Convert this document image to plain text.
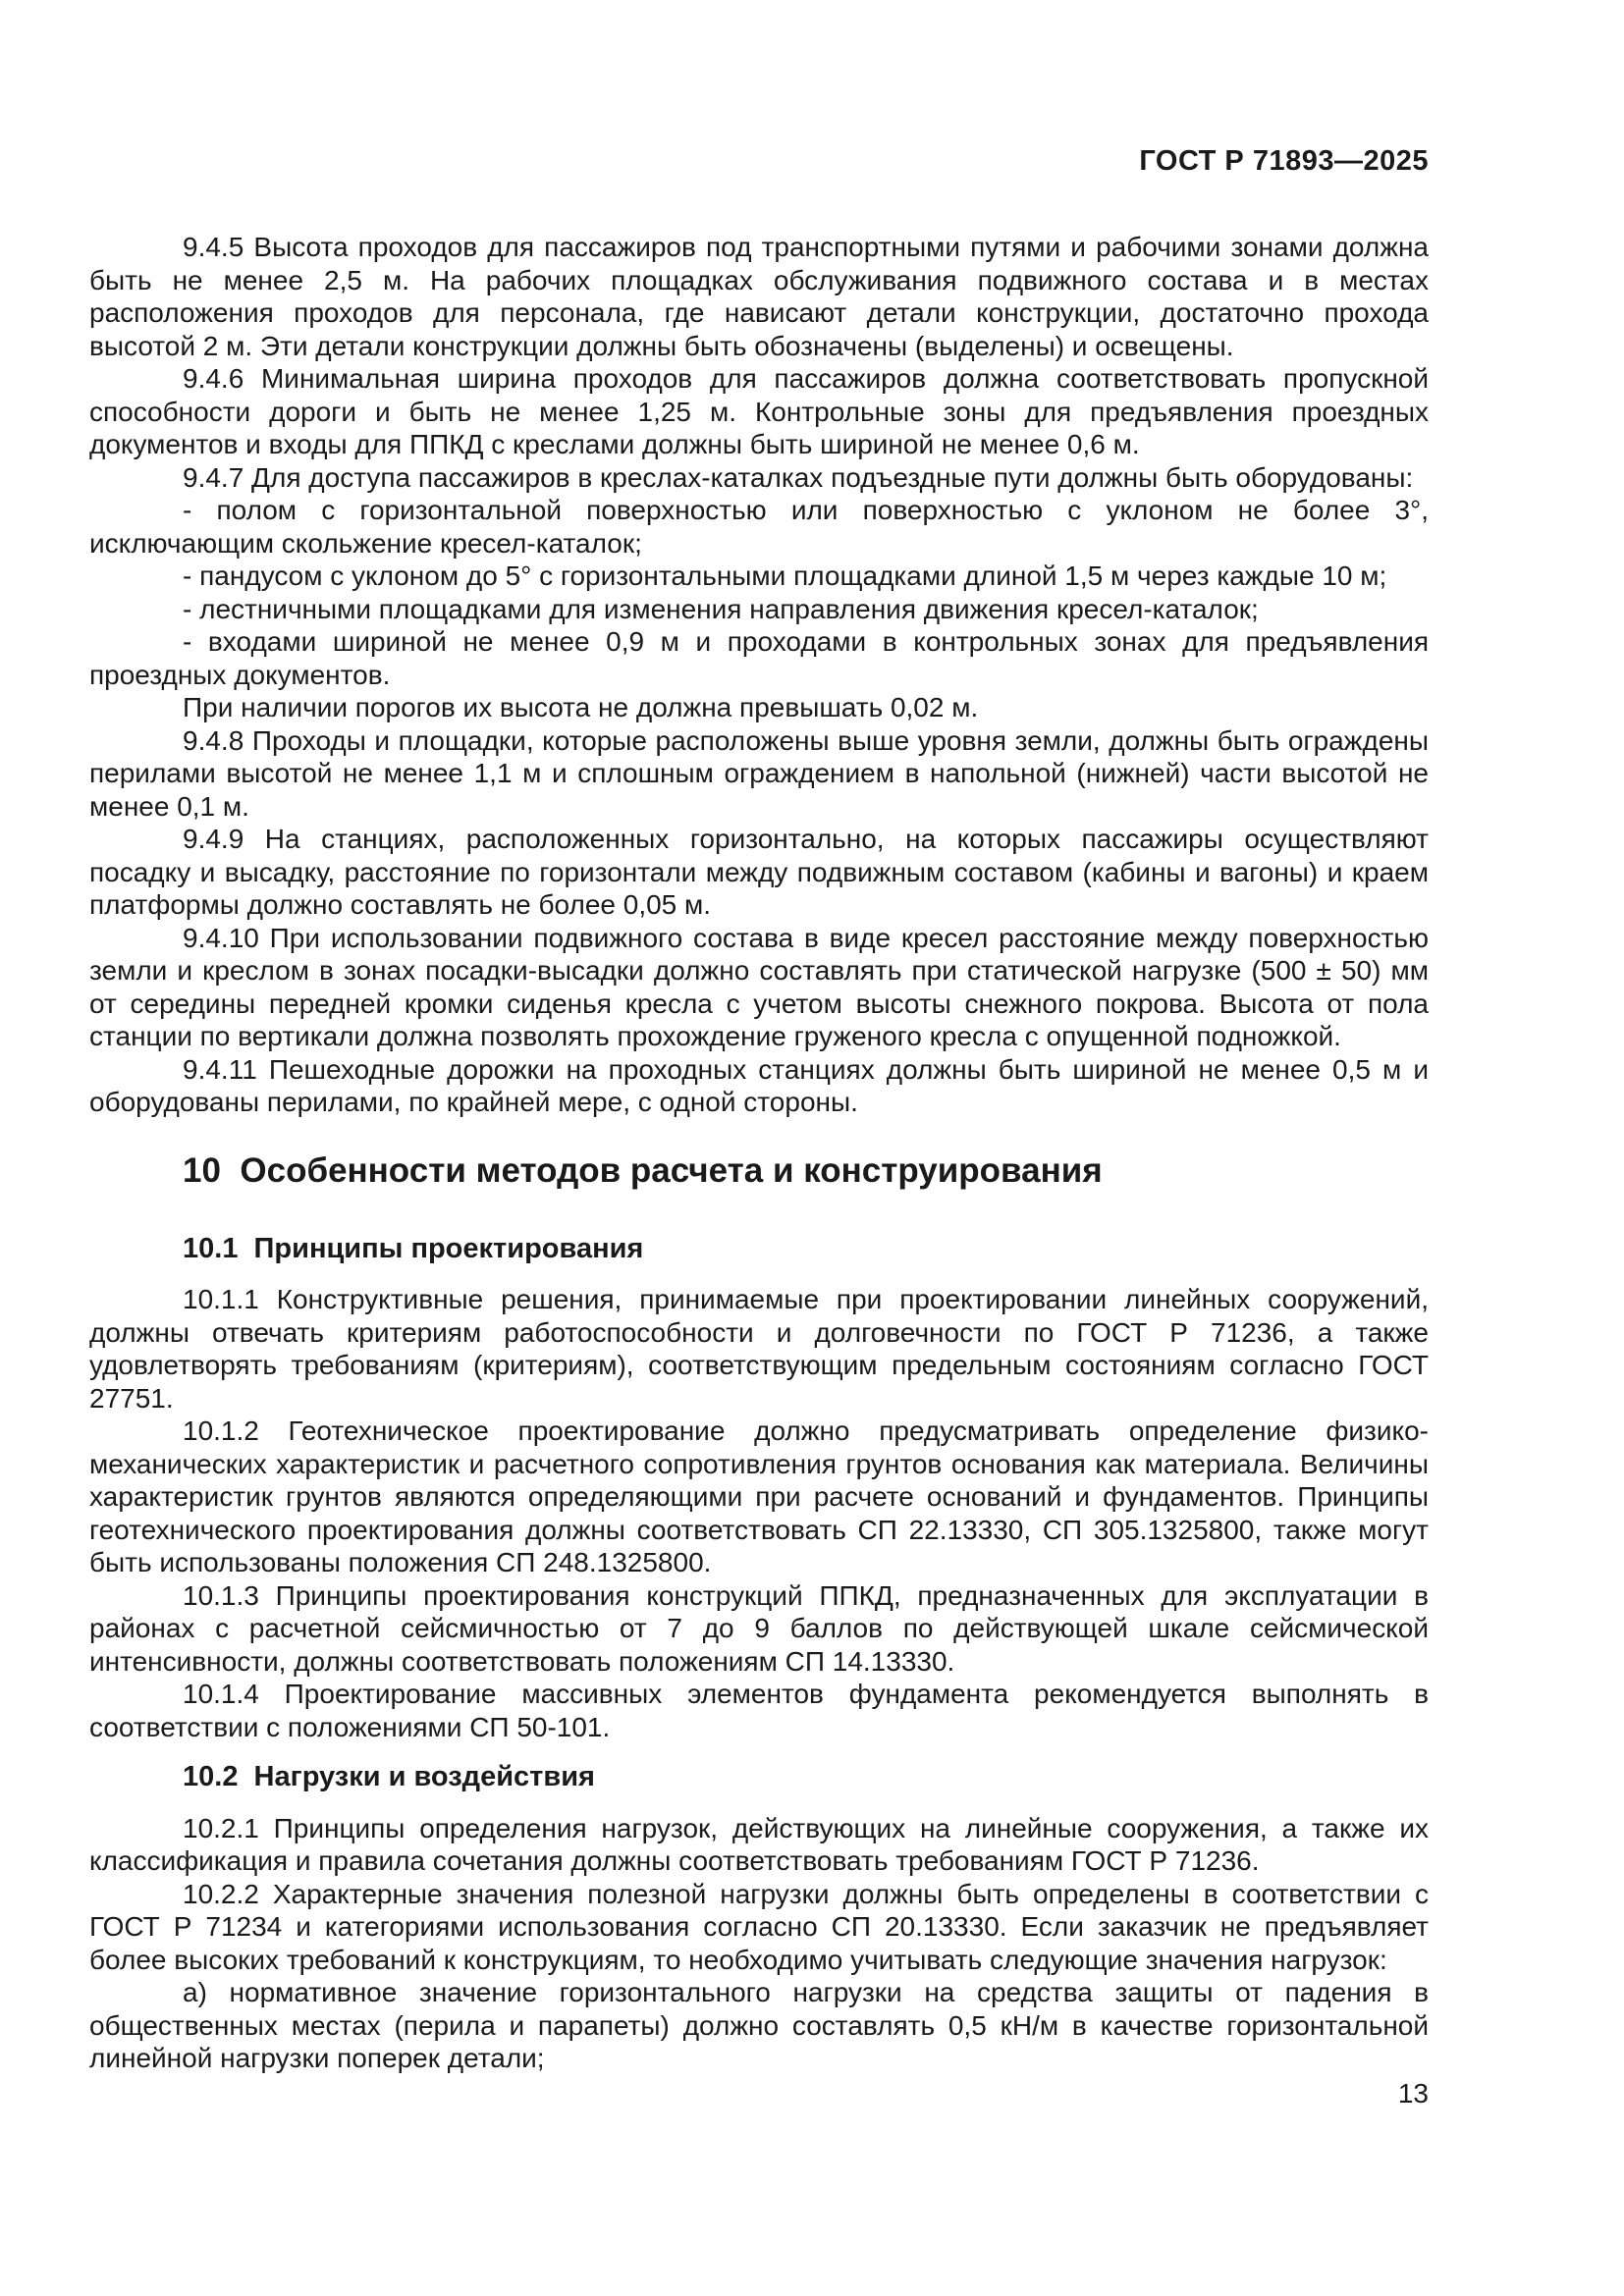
ГОСТ Р 71893—2025

9.4.5 Высота проходов для пассажиров под транспортными путями и рабочими зонами должна быть не менее 2,5 м. На рабочих площадках обслуживания подвижного состава и в местах расположения проходов для персонала, где нависают детали конструкции, достаточно прохода высотой 2 м. Эти детали конструкции должны быть обозначены (выделены) и освещены.

9.4.6 Минимальная ширина проходов для пассажиров должна соответствовать пропускной способности дороги и быть не менее 1,25 м. Контрольные зоны для предъявления проездных документов и входы для ППКД с креслами должны быть шириной не менее 0,6 м.

9.4.7 Для доступа пассажиров в креслах-каталках подъездные пути должны быть оборудованы:

- полом с горизонтальной поверхностью или поверхностью с уклоном не более 3°, исключающим скольжение кресел-каталок;

- пандусом с уклоном до 5° с горизонтальными площадками длиной 1,5 м через каждые 10 м;

- лестничными площадками для изменения направления движения кресел-каталок;

- входами шириной не менее 0,9 м и проходами в контрольных зонах для предъявления проездных документов.

При наличии порогов их высота не должна превышать 0,02 м.

9.4.8 Проходы и площадки, которые расположены выше уровня земли, должны быть ограждены перилами высотой не менее 1,1 м и сплошным ограждением в напольной (нижней) части высотой не менее 0,1 м.

9.4.9 На станциях, расположенных горизонтально, на которых пассажиры осуществляют посадку и высадку, расстояние по горизонтали между подвижным составом (кабины и вагоны) и краем платформы должно составлять не более 0,05 м.

9.4.10 При использовании подвижного состава в виде кресел расстояние между поверхностью земли и креслом в зонах посадки-высадки должно составлять при статической нагрузке (500 ± 50) мм от середины передней кромки сиденья кресла с учетом высоты снежного покрова. Высота от пола станции по вертикали должна позволять прохождение груженого кресла с опущенной подножкой.

9.4.11 Пешеходные дорожки на проходных станциях должны быть шириной не менее 0,5 м и оборудованы перилами, по крайней мере, с одной стороны.

10  Особенности методов расчета и конструирования
10.1  Принципы проектирования

10.1.1 Конструктивные решения, принимаемые при проектировании линейных сооружений, должны отвечать критериям работоспособности и долговечности по ГОСТ Р 71236, а также удовлетворять требованиям (критериям), соответствующим предельным состояниям согласно ГОСТ 27751.

10.1.2 Геотехническое проектирование должно предусматривать определение физико-механических характеристик и расчетного сопротивления грунтов основания как материала. Величины характеристик грунтов являются определяющими при расчете оснований и фундаментов. Принципы геотехнического проектирования должны соответствовать СП 22.13330, СП 305.1325800, также могут быть использованы положения СП 248.1325800.

10.1.3 Принципы проектирования конструкций ППКД, предназначенных для эксплуатации в районах с расчетной сейсмичностью от 7 до 9 баллов по действующей шкале сейсмической интенсивности, должны соответствовать положениям СП 14.13330.

10.1.4 Проектирование массивных элементов фундамента рекомендуется выполнять в соответствии с положениями СП 50-101.

10.2  Нагрузки и воздействия

10.2.1 Принципы определения нагрузок, действующих на линейные сооружения, а также их классификация и правила сочетания должны соответствовать требованиям ГОСТ Р 71236.

10.2.2 Характерные значения полезной нагрузки должны быть определены в соответствии с ГОСТ Р 71234 и категориями использования согласно СП 20.13330. Если заказчик не предъявляет более высоких требований к конструкциям, то необходимо учитывать следующие значения нагрузок:

а) нормативное значение горизонтального нагрузки на средства защиты от падения в общественных местах (перила и парапеты) должно составлять 0,5 кН/м в качестве горизонтальной линейной нагрузки поперек детали;

13
